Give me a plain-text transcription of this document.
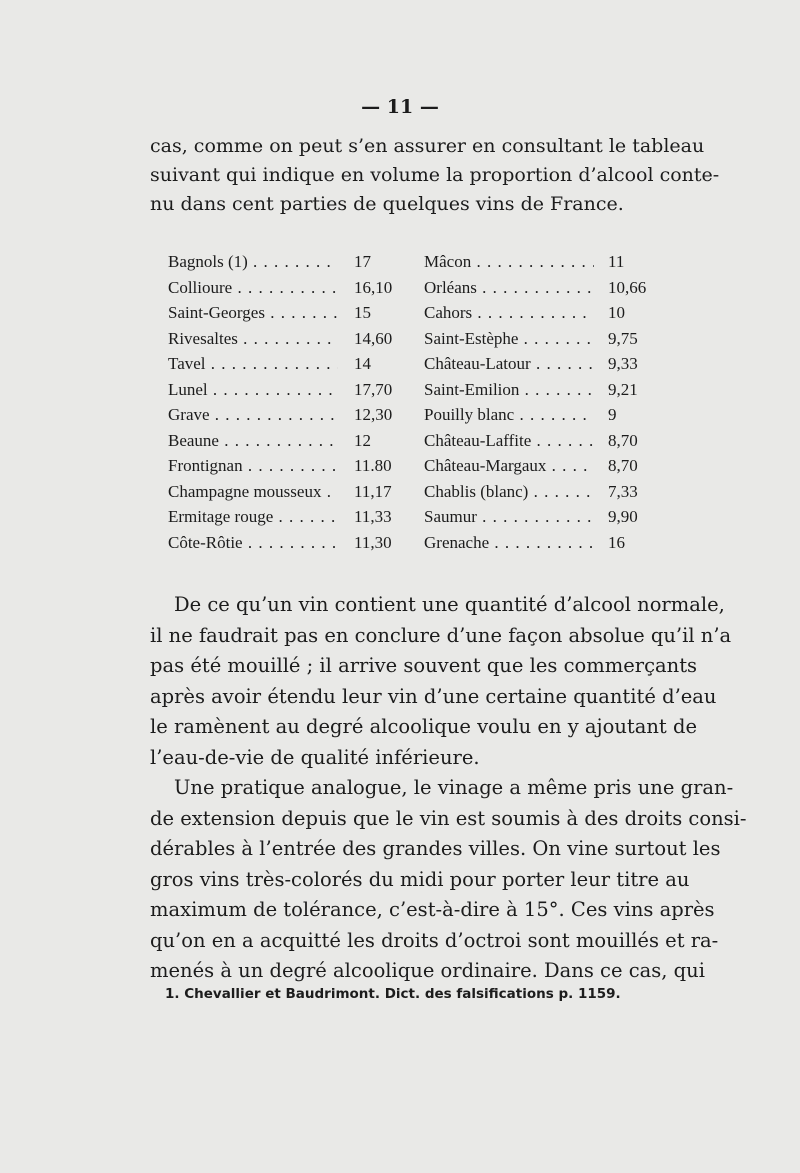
— 11 —
cas, comme on peut s’en assurer en consultant le tableau
suivant qui indique en volume la proportion d’alcool conte-
nu dans cent parties de quelques vins de France.
Bagnols (1) . . .	17	Mâcon . . .	11
Collioure . . .	16,10	Orléans . . .	10,66
Saint-Georges . . .	15	Cahors . . .	10
Rivesaltes . . .	14,60	Saint-Estèphe . . .	9,75
Tavel . . .	14	Château-Latour . . .	9,33
Lunel . . .	17,70	Saint-Emilion . . .	9,21
Grave . . .	12,30	Pouilly blanc . . .	9
Beaune . . .	12	Château-Laffite . . .	8,70
Frontignan . . .	11.80	Château-Margaux . . .	8,70
Champagne mousseux . . .	11,17	Chablis (blanc) . . .	7,33
Ermitage rouge . . .	11,33	Saumur . . .	9,90
Côte-Rôtie . . .	11,30	Grenache . . .	16
De ce qu’un vin contient une quantité d’alcool normale,
il ne faudrait pas en conclure d’une façon absolue qu’il n’a
pas été mouillé ; il arrive souvent que les commerçants
après avoir étendu leur vin d’une certaine quantité d’eau
le ramènent au degré alcoolique voulu en y ajoutant de
l’eau-de-vie de qualité inférieure.
Une pratique analogue, le vinage a même pris une gran-
de extension depuis que le vin est soumis à des droits consi-
dérables à l’entrée des grandes villes. On vine surtout les
gros vins très-colorés du midi pour porter leur titre au
maximum de tolérance, c’est-à-dire à 15°. Ces vins après
qu’on en a acquitté les droits d’octroi sont mouillés et ra-
menés à un degré alcoolique ordinaire. Dans ce cas, qui
1. Chevallier et Baudrimont. Dict. des falsifications p. 1159.
